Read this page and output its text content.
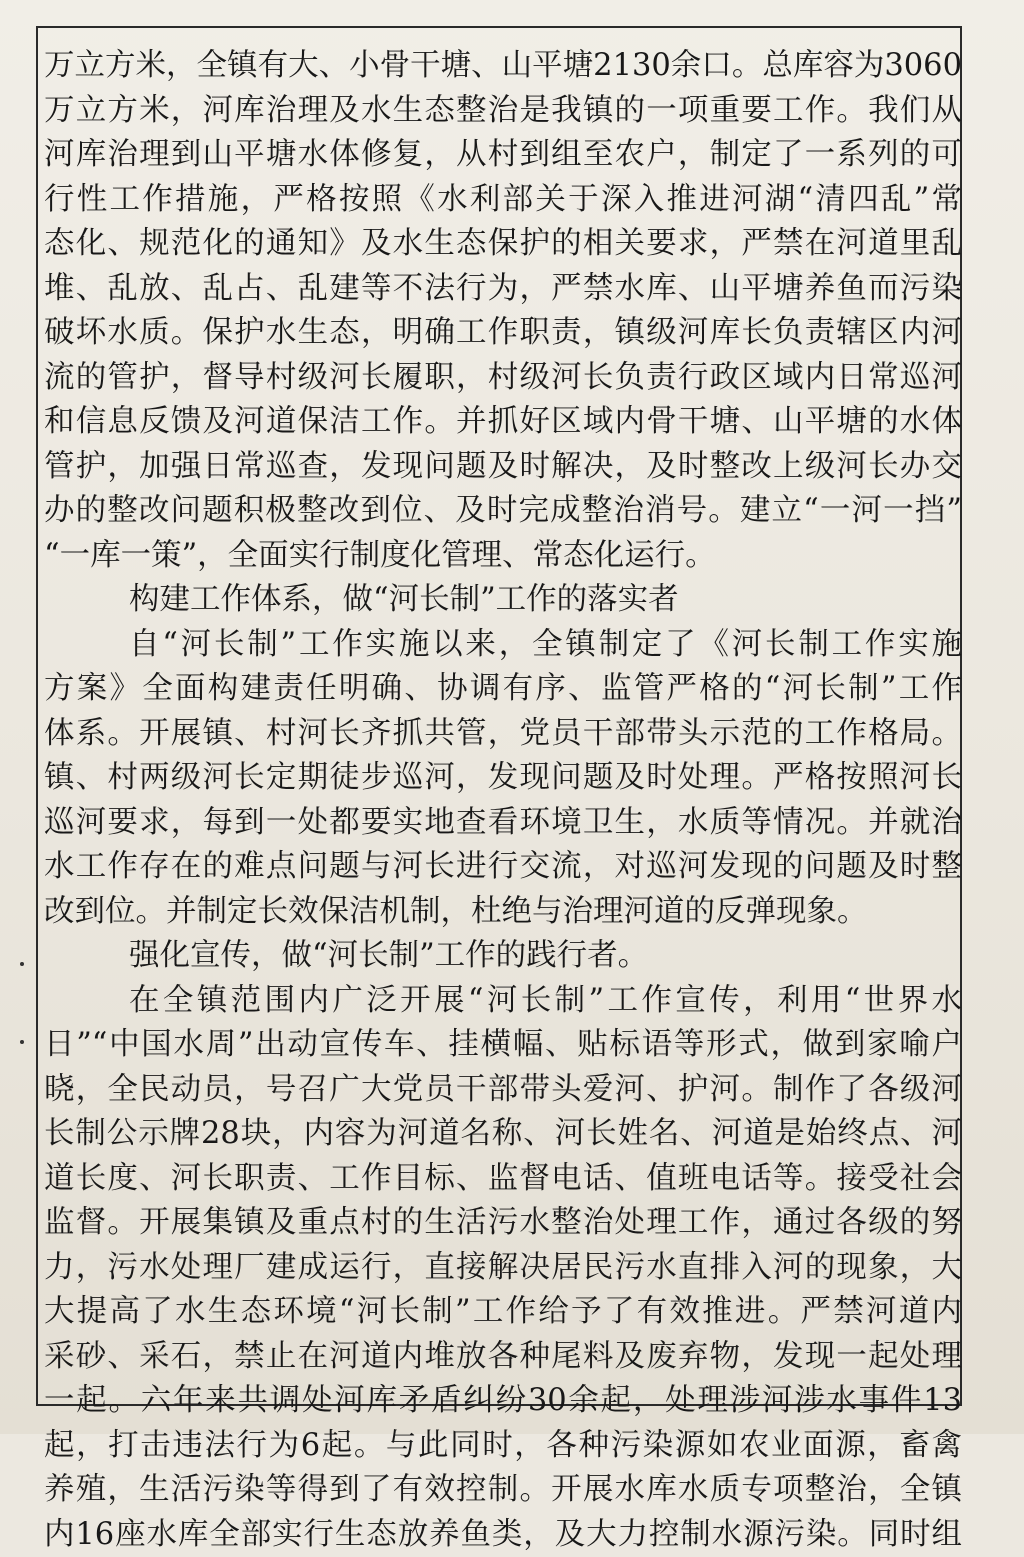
万立方米，全镇有大、小骨干塘、山平塘2130余口。总库容为3060
万立方米，河库治理及水生态整治是我镇的一项重要工作。我们从
河库治理到山平塘水体修复，从村到组至农户，制定了一系列的可
行性工作措施，严格按照《水利部关于深入推进河湖“清四乱”常
态化、规范化的通知》及水生态保护的相关要求，严禁在河道里乱
堆、乱放、乱占、乱建等不法行为，严禁水库、山平塘养鱼而污染
破坏水质。保护水生态，明确工作职责，镇级河库长负责辖区内河
流的管护，督导村级河长履职，村级河长负责行政区域内日常巡河
和信息反馈及河道保洁工作。并抓好区域内骨干塘、山平塘的水体
管护，加强日常巡查，发现问题及时解决，及时整改上级河长办交
办的整改问题积极整改到位、及时完成整治消号。建立“一河一挡”
“一库一策”，全面实行制度化管理、常态化运行。
构建工作体系，做“河长制”工作的落实者
自“河长制”工作实施以来，全镇制定了《河长制工作实施
方案》全面构建责任明确、协调有序、监管严格的“河长制”工作
体系。开展镇、村河长齐抓共管，党员干部带头示范的工作格局。
镇、村两级河长定期徒步巡河，发现问题及时处理。严格按照河长
巡河要求，每到一处都要实地查看环境卫生，水质等情况。并就治
水工作存在的难点问题与河长进行交流，对巡河发现的问题及时整
改到位。并制定长效保洁机制，杜绝与治理河道的反弹现象。
强化宣传，做“河长制”工作的践行者。
在全镇范围内广泛开展“河长制”工作宣传，利用“世界水
日”“中国水周”出动宣传车、挂横幅、贴标语等形式，做到家喻户
晓，全民动员，号召广大党员干部带头爱河、护河。制作了各级河
长制公示牌28块，内容为河道名称、河长姓名、河道是始终点、河
道长度、河长职责、工作目标、监督电话、值班电话等。接受社会
监督。开展集镇及重点村的生活污水整治处理工作，通过各级的努
力，污水处理厂建成运行，直接解决居民污水直排入河的现象，大
大提高了水生态环境“河长制”工作给予了有效推进。严禁河道内
采砂、采石，禁止在河道内堆放各种尾料及废弃物，发现一起处理
一起。六年来共调处河库矛盾纠纷30余起，处理涉河涉水事件13
起，打击违法行为6起。与此同时，各种污染源如农业面源，畜禽
养殖，生活污染等得到了有效控制。开展水库水质专项整治，全镇
内16座水库全部实行生态放养鱼类，及大力控制水源污染。同时组
